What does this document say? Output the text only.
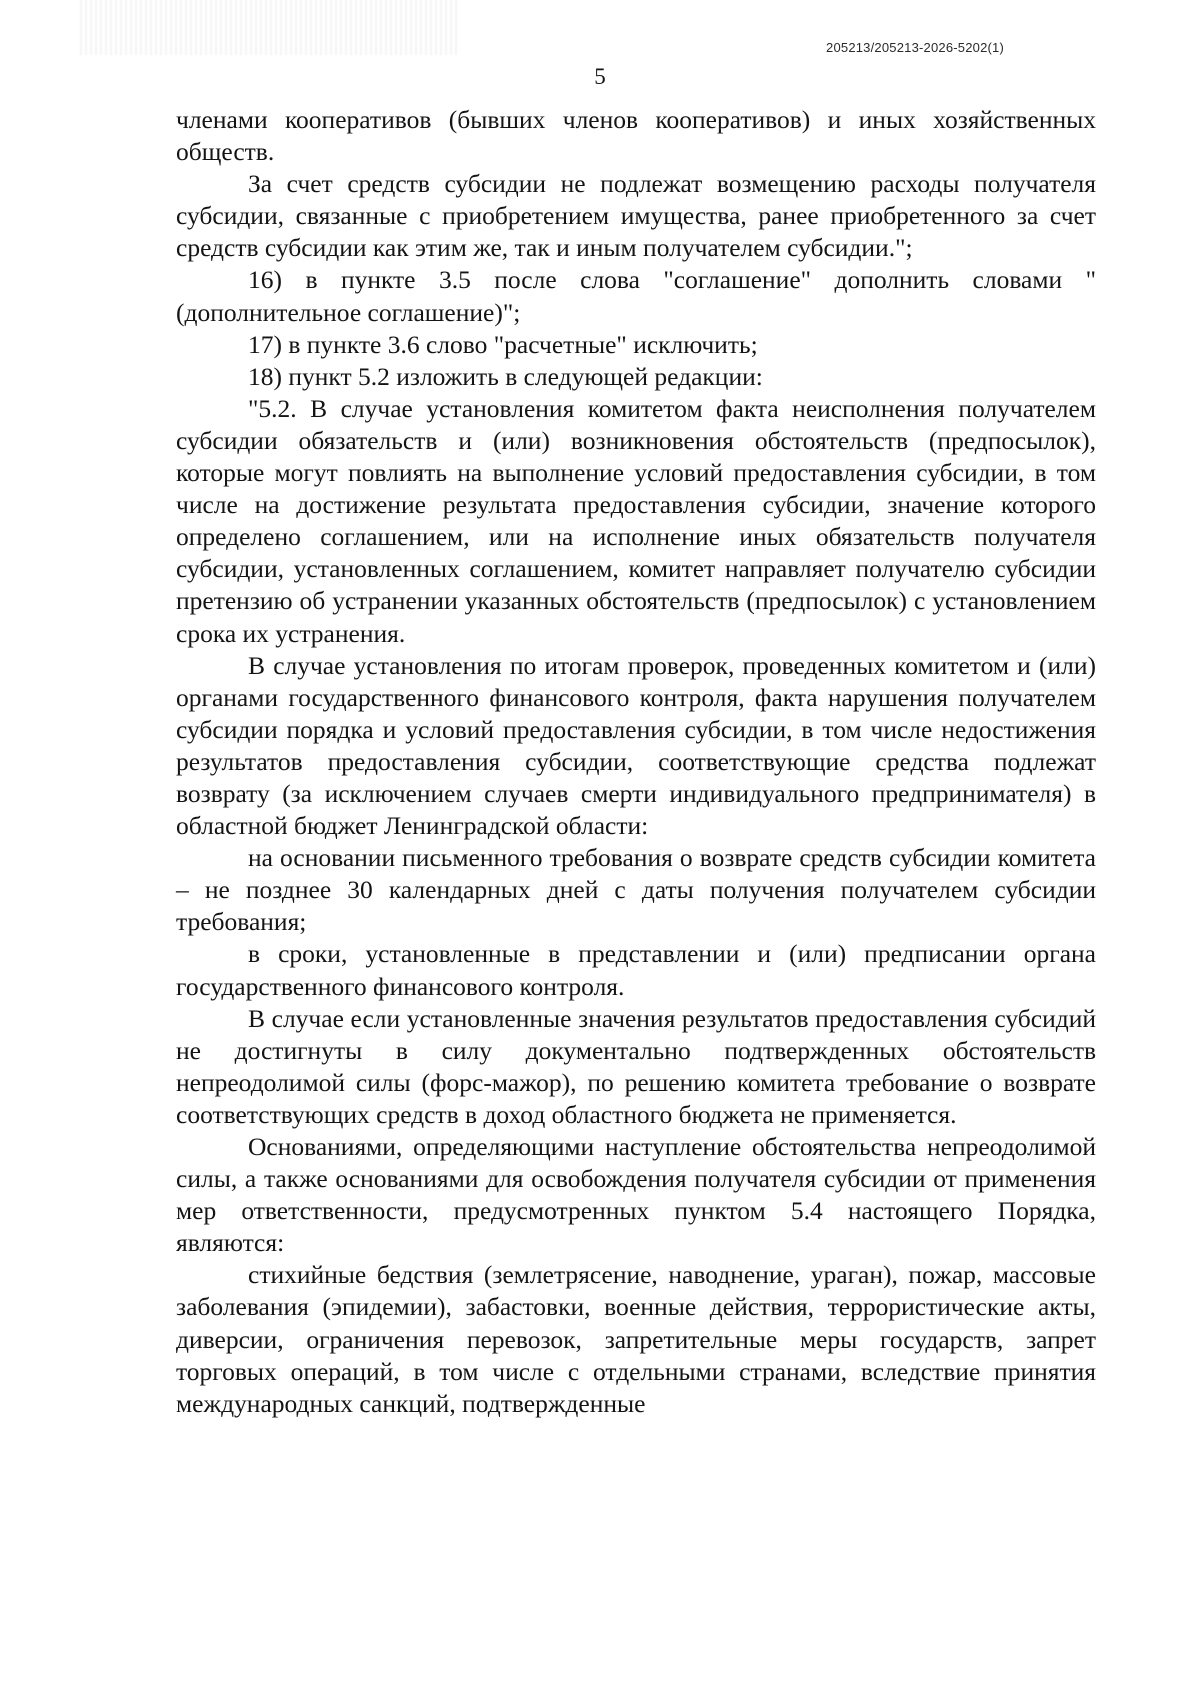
205213/205213-2026-5202(1)
5

членами кооперативов (бывших членов кооперативов) и иных хозяйственных обществ.

За счет средств субсидии не подлежат возмещению расходы получателя субсидии, связанные с приобретением имущества, ранее приобретенного за счет средств субсидии как этим же, так и иным получателем субсидии.";

16) в пункте 3.5 после слова "соглашение" дополнить словами "(дополнительное соглашение)";

17) в пункте 3.6 слово "расчетные" исключить;

18) пункт 5.2 изложить в следующей редакции:

"5.2. В случае установления комитетом факта неисполнения получателем субсидии обязательств и (или) возникновения обстоятельств (предпосылок), которые могут повлиять на выполнение условий предоставления субсидии, в том числе на достижение результата предоставления субсидии, значение которого определено соглашением, или на исполнение иных обязательств получателя субсидии, установленных соглашением, комитет направляет получателю субсидии претензию об устранении указанных обстоятельств (предпосылок) с установлением срока их устранения.

В случае установления по итогам проверок, проведенных комитетом и (или) органами государственного финансового контроля, факта нарушения получателем субсидии порядка и условий предоставления субсидии, в том числе недостижения результатов предоставления субсидии, соответствующие средства подлежат возврату (за исключением случаев смерти индивидуального предпринимателя) в областной бюджет Ленинградской области:

на основании письменного требования о возврате средств субсидии комитета – не позднее 30 календарных дней с даты получения получателем субсидии требования;

в сроки, установленные в представлении и (или) предписании органа государственного финансового контроля.

В случае если установленные значения результатов предоставления субсидий не достигнуты в силу документально подтвержденных обстоятельств непреодолимой силы (форс-мажор), по решению комитета требование о возврате соответствующих средств в доход областного бюджета не применяется.

Основаниями, определяющими наступление обстоятельства непреодолимой силы, а также основаниями для освобождения получателя субсидии от применения мер ответственности, предусмотренных пунктом 5.4 настоящего Порядка, являются:

стихийные бедствия (землетрясение, наводнение, ураган), пожар, массовые заболевания (эпидемии), забастовки, военные действия, террористические акты, диверсии, ограничения перевозок, запретительные меры государств, запрет торговых операций, в том числе с отдельными странами, вследствие принятия международных санкций, подтвержденные
